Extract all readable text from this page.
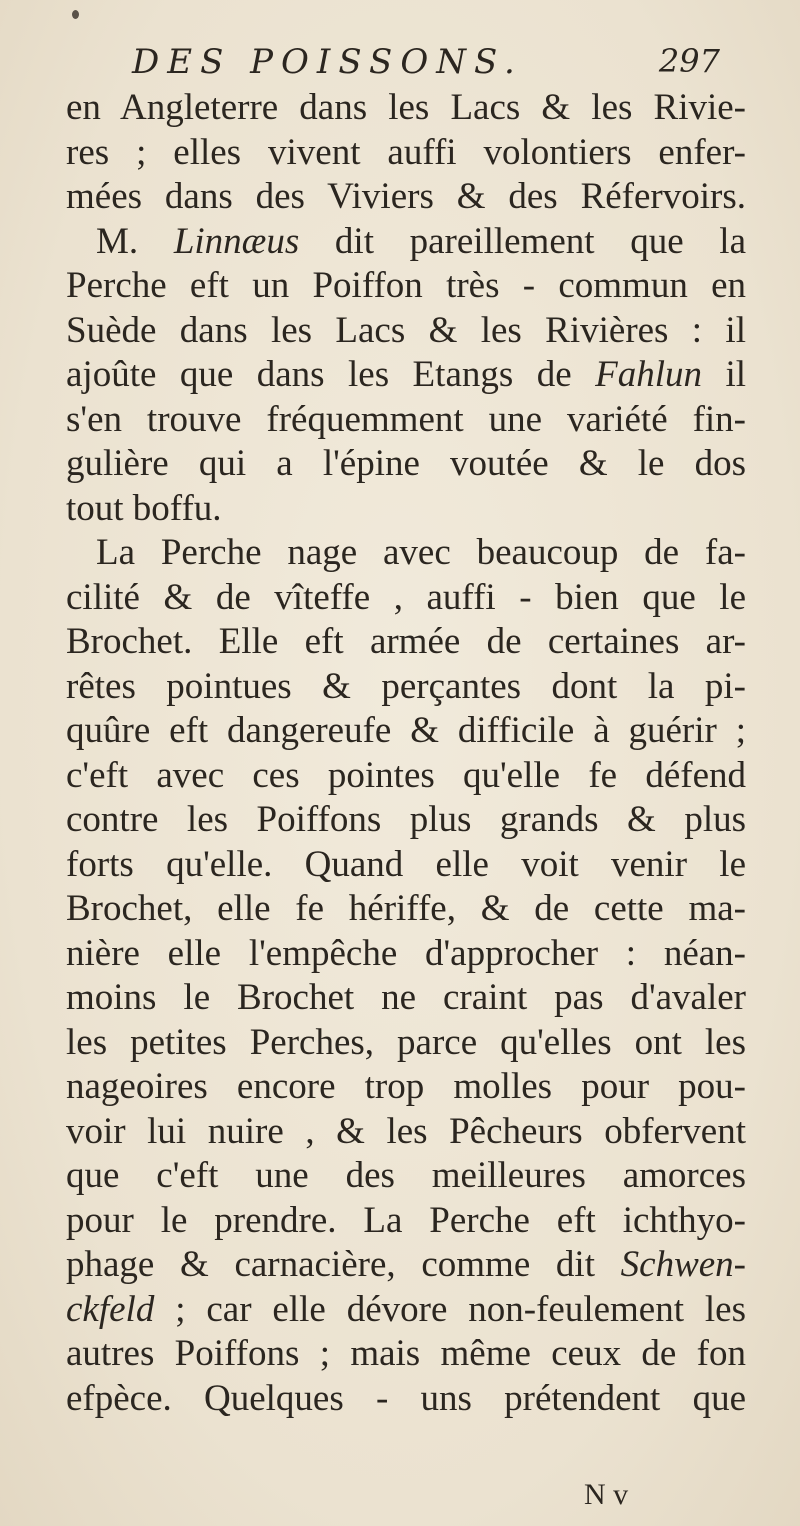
DES POISSONS.	297
en Angleterre dans les Lacs & les Rivie-
res ; elles vivent auffi volontiers enfer-
mées dans des Viviers & des Réfervoirs.
M. Linnæus dit pareillement que la
Perche eft un Poiffon très - commun en
Suède dans les Lacs & les Rivières : il
ajoûte que dans les Etangs de Fahlun il
s'en trouve fréquemment une variété fin-
gulière qui a l'épine voutée & le dos
tout boffu.
La Perche nage avec beaucoup de fa-
cilité & de vîteffe , auffi - bien que le
Brochet. Elle eft armée de certaines ar-
rêtes pointues & perçantes dont la pi-
quûre eft dangereufe & difficile à guérir ;
c'eft avec ces pointes qu'elle fe défend
contre les Poiffons plus grands & plus
forts qu'elle. Quand elle voit venir le
Brochet, elle fe hériffe, & de cette ma-
nière elle l'empêche d'approcher : néan-
moins le Brochet ne craint pas d'avaler
les petites Perches, parce qu'elles ont les
nageoires encore trop molles pour pou-
voir lui nuire , & les Pêcheurs obfervent
que c'eft une des meilleures amorces
pour le prendre. La Perche eft ichthyo-
phage & carnacière, comme dit Schwen-
ckfeld ; car elle dévore non-feulement les
autres Poiffons ; mais même ceux de fon
efpèce. Quelques - uns prétendent que
N v
